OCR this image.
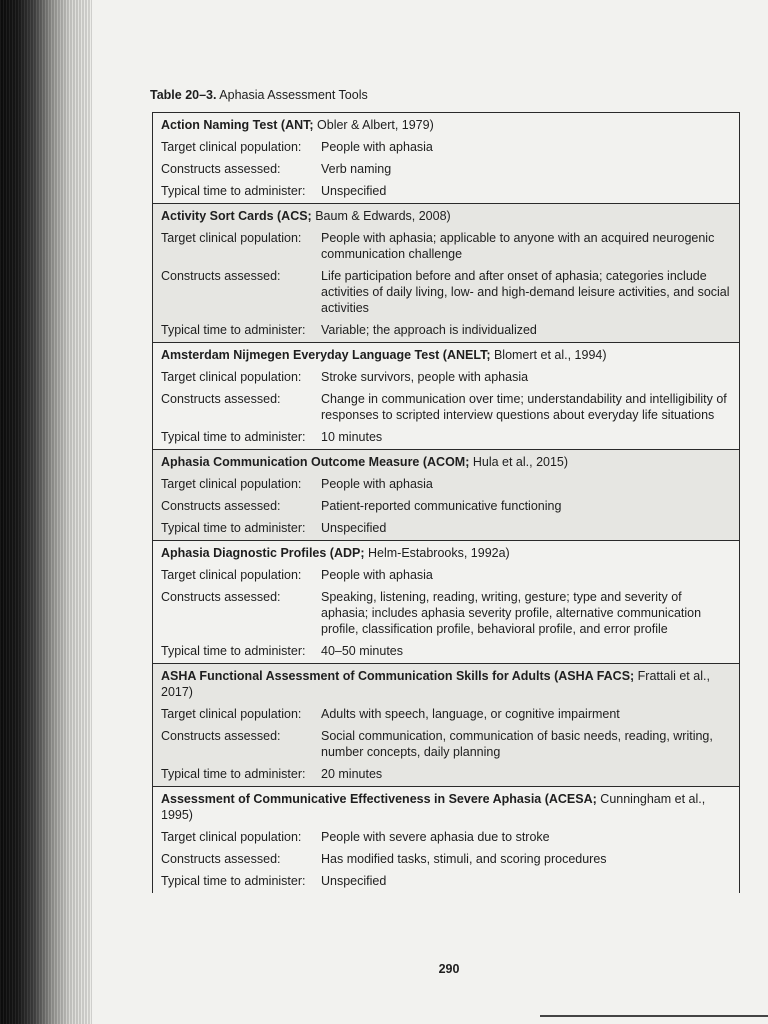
Table 20–3. Aphasia Assessment Tools
Action Naming Test (ANT; Obler & Albert, 1979)
Target clinical population:	People with aphasia
Constructs assessed:	Verb naming
Typical time to administer:	Unspecified
Activity Sort Cards (ACS; Baum & Edwards, 2008)
Target clinical population:	People with aphasia; applicable to anyone with an acquired neurogenic communication challenge
Constructs assessed:	Life participation before and after onset of aphasia; categories include activities of daily living, low- and high-demand leisure activities, and social activities
Typical time to administer:	Variable; the approach is individualized
Amsterdam Nijmegen Everyday Language Test (ANELT; Blomert et al., 1994)
Target clinical population:	Stroke survivors, people with aphasia
Constructs assessed:	Change in communication over time; understandability and intelligibility of responses to scripted interview questions about everyday life situations
Typical time to administer:	10 minutes
Aphasia Communication Outcome Measure (ACOM; Hula et al., 2015)
Target clinical population:	People with aphasia
Constructs assessed:	Patient-reported communicative functioning
Typical time to administer:	Unspecified
Aphasia Diagnostic Profiles (ADP; Helm-Estabrooks, 1992a)
Target clinical population:	People with aphasia
Constructs assessed:	Speaking, listening, reading, writing, gesture; type and severity of aphasia; includes aphasia severity profile, alternative communication profile, classification profile, behavioral profile, and error profile
Typical time to administer:	40–50 minutes
ASHA Functional Assessment of Communication Skills for Adults (ASHA FACS; Frattali et al., 2017)
Target clinical population:	Adults with speech, language, or cognitive impairment
Constructs assessed:	Social communication, communication of basic needs, reading, writing, number concepts, daily planning
Typical time to administer:	20 minutes
Assessment of Communicative Effectiveness in Severe Aphasia (ACESA; Cunningham et al., 1995)
Target clinical population:	People with severe aphasia due to stroke
Constructs assessed:	Has modified tasks, stimuli, and scoring procedures
Typical time to administer:	Unspecified
290
